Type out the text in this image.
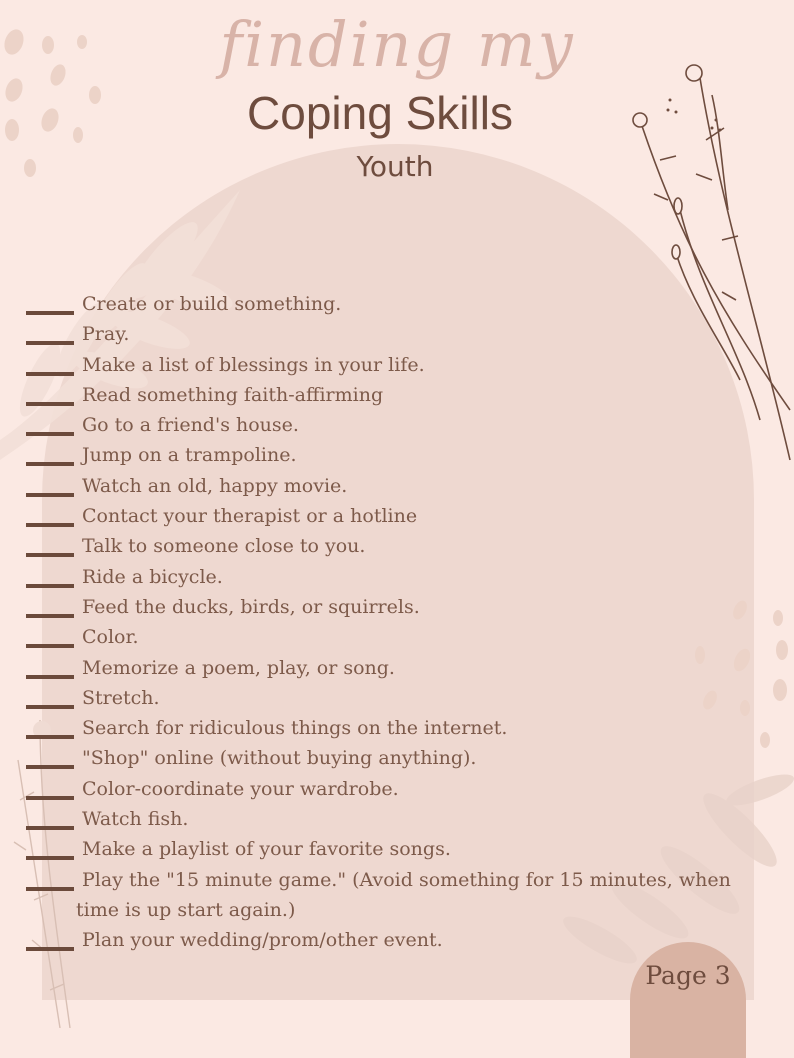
finding my
Coping Skills
Youth
Create or build something.
Pray.
Make a list of blessings in your life.
Read something faith-affirming
Go to a friend's house.
Jump on a trampoline.
Watch an old, happy movie.
Contact your therapist or a hotline
Talk to someone close to you.
Ride a bicycle.
Feed the ducks, birds, or squirrels.
Color.
Memorize a poem, play, or song.
Stretch.
Search for ridiculous things on the internet.
"Shop" online (without buying anything).
Color-coordinate your wardrobe.
Watch fish.
Make a playlist of your favorite songs.
Play the "15 minute game." (Avoid something for 15 minutes, when time is up start again.)
Plan your wedding/prom/other event.
Page 3
